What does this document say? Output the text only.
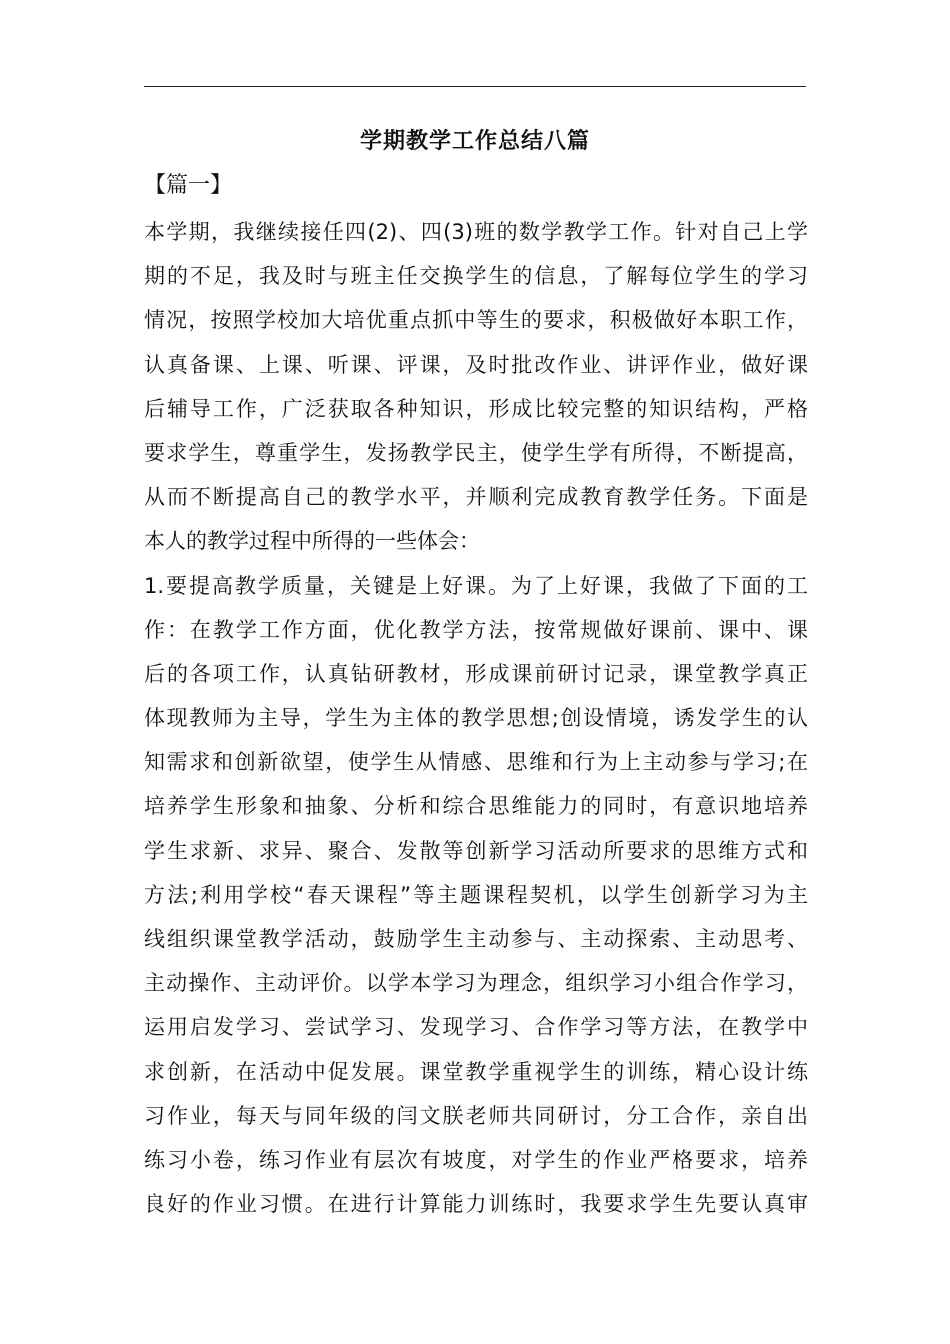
学期教学工作总结八篇
【篇一】
本学期，我继续接任四(2)、四(3)班的数学教学工作。针对自己上学
期的不足，我及时与班主任交换学生的信息，了解每位学生的学习
情况，按照学校加大培优重点抓中等生的要求，积极做好本职工作，
认真备课、上课、听课、评课，及时批改作业、讲评作业，做好课
后辅导工作，广泛获取各种知识，形成比较完整的知识结构，严格
要求学生，尊重学生，发扬教学民主，使学生学有所得，不断提高，
从而不断提高自己的教学水平，并顺利完成教育教学任务。下面是
本人的教学过程中所得的一些体会：
1.要提高教学质量，关键是上好课。为了上好课，我做了下面的工
作：在教学工作方面，优化教学方法，按常规做好课前、课中、课
后的各项工作，认真钻研教材，形成课前研讨记录，课堂教学真正
体现教师为主导，学生为主体的教学思想;创设情境，诱发学生的认
知需求和创新欲望，使学生从情感、思维和行为上主动参与学习;在
培养学生形象和抽象、分析和综合思维能力的同时，有意识地培养
学生求新、求异、聚合、发散等创新学习活动所要求的思维方式和
方法;利用学校“春天课程”等主题课程契机，以学生创新学习为主
线组织课堂教学活动，鼓励学生主动参与、主动探索、主动思考、
主动操作、主动评价。以学本学习为理念，组织学习小组合作学习，
运用启发学习、尝试学习、发现学习、合作学习等方法，在教学中
求创新，在活动中促发展。课堂教学重视学生的训练，精心设计练
习作业，每天与同年级的闫文朕老师共同研讨，分工合作，亲自出
练习小卷，练习作业有层次有坡度，对学生的作业严格要求，培养
良好的作业习惯。在进行计算能力训练时，我要求学生先要认真审
